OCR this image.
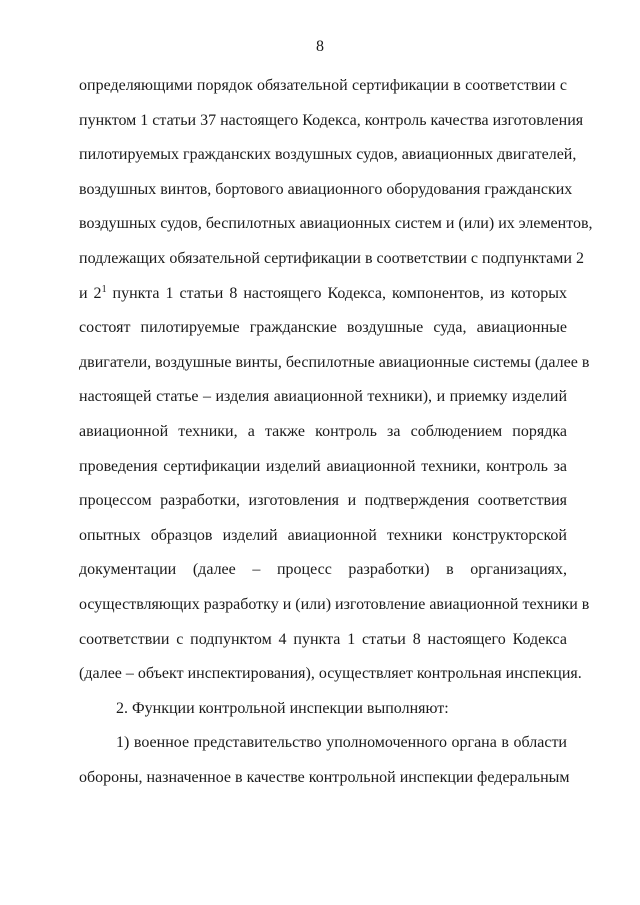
8
определяющими порядок обязательной сертификации в соответствии с
пунктом 1 статьи 37 настоящего Кодекса, контроль качества изготовления
пилотируемых гражданских воздушных судов, авиационных двигателей,
воздушных винтов, бортового авиационного оборудования гражданских
воздушных судов, беспилотных авиационных систем и (или) их элементов,
подлежащих обязательной сертификации в соответствии с подпунктами 2
и $2^1$ пункта 1 статьи 8 настоящего Кодекса, компонентов, из которых
состоят пилотируемые гражданские воздушные суда, авиационные
двигатели, воздушные винты, беспилотные авиационные системы (далее в
настоящей статье – изделия авиационной техники), и приемку изделий
авиационной техники, а также контроль за соблюдением порядка
проведения сертификации изделий авиационной техники, контроль за
процессом разработки, изготовления и подтверждения соответствия
опытных образцов изделий авиационной техники конструкторской
документации (далее – процесс разработки) в организациях,
осуществляющих разработку и (или) изготовление авиационной техники в
соответствии с подпунктом 4 пункта 1 статьи 8 настоящего Кодекса
(далее – объект инспектирования), осуществляет контрольная инспекция.
2. Функции контрольной инспекции выполняют:
1) военное представительство уполномоченного органа в области
обороны, назначенное в качестве контрольной инспекции федеральным
